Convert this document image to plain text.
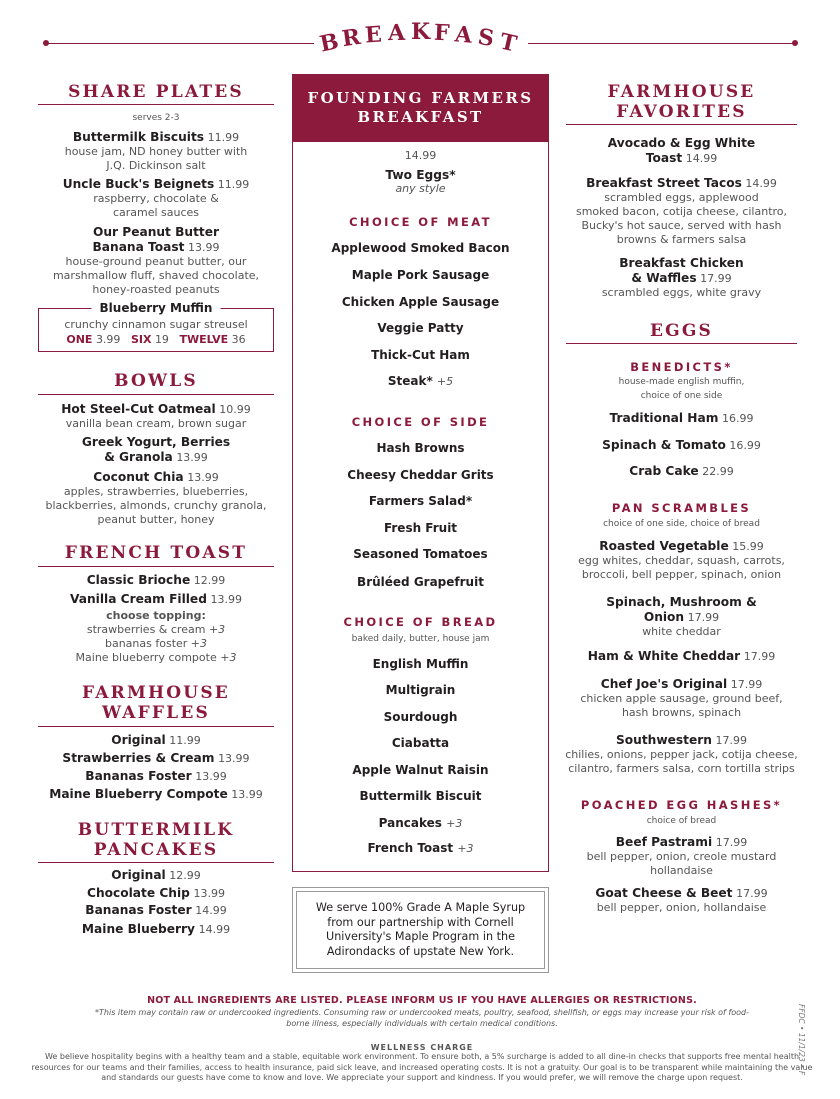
B R E A K F A S T
SHARE PLATES
serves 2-3
Buttermilk Biscuits 11.99
house jam, ND honey butter with
J.Q. Dickinson salt
Uncle Buck's Beignets 11.99
raspberry, chocolate &
caramel sauces
Our Peanut Butter
Banana Toast 13.99
house-ground peanut butter, our
marshmallow fluff, shaved chocolate,
honey-roasted peanuts
Blueberry Muffin
crunchy cinnamon sugar streusel
ONE 3.99 SIX 19 TWELVE 36
BOWLS
Hot Steel-Cut Oatmeal 10.99
vanilla bean cream, brown sugar
Greek Yogurt, Berries
& Granola 13.99
Coconut Chia 13.99
apples, strawberries, blueberries,
blackberries, almonds, crunchy granola,
peanut butter, honey
FRENCH TOAST
Classic Brioche 12.99
Vanilla Cream Filled 13.99
choose topping:
strawberries & cream +3
bananas foster +3
Maine blueberry compote +3
FARMHOUSE
WAFFLES
Original 11.99
Strawberries & Cream 13.99
Bananas Foster 13.99
Maine Blueberry Compote 13.99
BUTTERMILK
PANCAKES
Original 12.99
Chocolate Chip 13.99
Bananas Foster 14.99
Maine Blueberry 14.99
FOUNDING FARMERS
BREAKFAST
14.99
Two Eggs*
any style
CHOICE OF MEAT
Applewood Smoked Bacon
Maple Pork Sausage
Chicken Apple Sausage
Veggie Patty
Thick-Cut Ham
Steak* +5
CHOICE OF SIDE
Hash Browns
Cheesy Cheddar Grits
Farmers Salad*
Fresh Fruit
Seasoned Tomatoes
Brûléed Grapefruit
CHOICE OF BREAD
baked daily, butter, house jam
English Muffin
Multigrain
Sourdough
Ciabatta
Apple Walnut Raisin
Buttermilk Biscuit
Pancakes +3
French Toast +3
We serve 100% Grade A Maple Syrup
from our partnership with Cornell
University's Maple Program in the
Adirondacks of upstate New York.
FARMHOUSE
FAVORITES
Avocado & Egg White
Toast 14.99
Breakfast Street Tacos 14.99
scrambled eggs, applewood
smoked bacon, cotija cheese, cilantro,
Bucky's hot sauce, served with hash
browns & farmers salsa
Breakfast Chicken
& Waffles 17.99
scrambled eggs, white gravy
EGGS
BENEDICTS*
house-made english muffin,
choice of one side
Traditional Ham 16.99
Spinach & Tomato 16.99
Crab Cake 22.99
PAN SCRAMBLES
choice of one side, choice of bread
Roasted Vegetable 15.99
egg whites, cheddar, squash, carrots,
broccoli, bell pepper, spinach, onion
Spinach, Mushroom &
Onion 17.99
white cheddar
Ham & White Cheddar 17.99
Chef Joe's Original 17.99
chicken apple sausage, ground beef,
hash browns, spinach
Southwestern 17.99
chilies, onions, pepper jack, cotija cheese,
cilantro, farmers salsa, corn tortilla strips
POACHED EGG HASHES*
choice of bread
Beef Pastrami 17.99
bell pepper, onion, creole mustard
hollandaise
Goat Cheese & Beet 17.99
bell pepper, onion, hollandaise
NOT ALL INGREDIENTS ARE LISTED. PLEASE INFORM US IF YOU HAVE ALLERGIES OR RESTRICTIONS.
*This item may contain raw or undercooked ingredients. Consuming raw or undercooked meats, poultry, seafood, shellfish, or eggs may increase your risk of food-borne illness, especially individuals with certain medical conditions.
WELLNESS CHARGE
We believe hospitality begins with a healthy team and a stable, equitable work environment. To ensure both, a 5% surcharge is added to all dine-in checks that supports free mental health resources for our teams and their families, access to health insurance, paid sick leave, and increased operating costs. It is not a gratuity. Our goal is to be transparent while maintaining the value and standards our guests have come to know and love. We appreciate your support and kindness. If you would prefer, we will remove the charge upon request.
FFDC • 11/1/23 • F
